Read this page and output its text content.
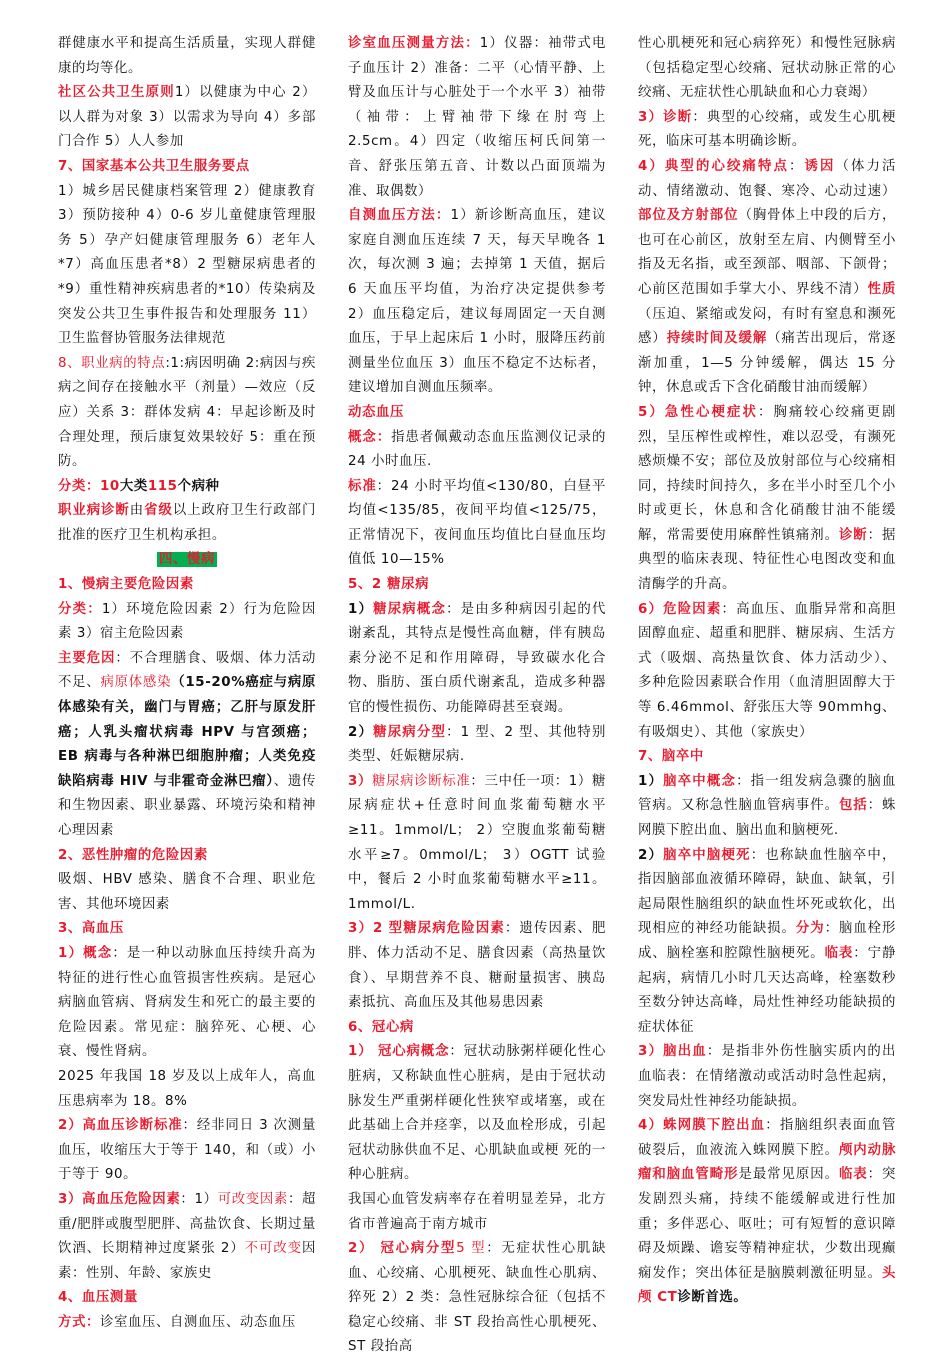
群健康水平和提高生活质量，实现人群健康的均等化。

社区公共卫生原则1）以健康为中心 2）以人群为对象 3）以需求为导向 4）多部门合作 5）人人参加

7、国家基本公共卫生服务要点

1）城乡居民健康档案管理 2）健康教育 3）预防接种 4）0-6 岁儿童健康管理服务 5）孕产妇健康管理服务 6）老年人*7）高血压患者*8）2 型糖尿病患者的*9）重性精神疾病患者的*10）传染病及突发公共卫生事件报告和处理服务 11）卫生监督协管服务法律规范

8、职业病的特点:1:病因明确 2:病因与疾病之间存在接触水平（剂量）—效应（反应）关系 3：群体发病 4：早起诊断及时合理处理，预后康复效果较好 5：重在预防。

分类：10大类115个病种

职业病诊断由省级以上政府卫生行政部门批准的医疗卫生机构承担。

四、慢病

1、慢病主要危险因素

分类：1）环境危险因素 2）行为危险因素 3）宿主危险因素

主要危因：不合理膳食、吸烟、体力活动不足、病原体感染（15-20%癌症与病原体感染有关，幽门与胃癌；乙肝与原发肝癌；人乳头瘤状病毒 HPV 与宫颈癌；EB 病毒与各种淋巴细胞肿瘤；人类免疫缺陷病毒 HIV 与非霍奇金淋巴瘤）、遗传和生物因素、职业暴露、环境污染和精神心理因素

2、恶性肿瘤的危险因素

吸烟、HBV 感染、膳食不合理、职业危害、其他环境因素

3、高血压

1）概念：是一种以动脉血压持续升高为特征的进行性心血管损害性疾病。是冠心病脑血管病、肾病发生和死亡的最主要的危险因素。常见症：脑猝死、心梗、心衰、慢性肾病。

2025 年我国 18 岁及以上成年人，高血压患病率为 18。8%

2）高血压诊断标准：经非同日 3 次测量血压，收缩压大于等于 140，和（或）小于等于 90。

3）高血压危险因素：1）可改变因素：超重/肥胖或腹型肥胖、高盐饮食、长期过量饮酒、长期精神过度紧张 2）不可改变因素：性别、年龄、家族史

4、血压测量

方式：诊室血压、自测血压、动态血压

诊室血压测量方法：1）仪器：袖带式电子血压计 2）准备：二平（心情平静、上臂及血压计与心脏处于一个水平 3）袖带（袖带：上臂袖带下缘在肘弯上 2.5cm。4）四定（收缩压柯氏间第一音、舒张压第五音、计数以凸面顶端为准、取偶数）

自测血压方法：1）新诊断高血压，建议家庭自测血压连续 7 天，每天早晚各 1 次，每次测 3 遍；去掉第 1 天值，据后 6 天血压平均值，为治疗决定提供参考 2）血压稳定后，建议每周固定一天自测血压，于早上起床后 1 小时，服降压药前测量坐位血压 3）血压不稳定不达标者，建议增加自测血压频率。

动态血压

概念：指患者佩戴动态血压监测仪记录的 24 小时血压.

标准：24 小时平均值<130/80，白昼平均值<135/85，夜间平均值<125/75，正常情况下，夜间血压均值比白昼血压均值低 10—15%

5、2 糖尿病

1）糖尿病概念：是由多种病因引起的代谢紊乱，其特点是慢性高血糖，伴有胰岛素分泌不足和作用障碍，导致碳水化合物、脂肪、蛋白质代谢紊乱，造成多种器官的慢性损伤、功能障碍甚至衰竭。

2）糖尿病分型：1 型、2 型、其他特别类型、妊娠糖尿病.

3）糖尿病诊断标准：三中任一项：1）糖尿病症状+任意时间血浆葡萄糖水平≥11。1mmol/L； 2）空腹血浆葡萄糖水平≥7。0mmol/L； 3）OGTT 试验中，餐后 2 小时血浆葡萄糖水平≥11。1mmol/L.

3）2 型糖尿病危险因素：遗传因素、肥胖、体力活动不足、膳食因素（高热量饮食）、早期营养不良、糖耐量损害、胰岛素抵抗、高血压及其他易患因素

6、冠心病

1） 冠心病概念：冠状动脉粥样硬化性心脏病，又称缺血性心脏病，是由于冠状动脉发生严重粥样硬化性狭窄或堵塞，或在此基础上合并痉挛，以及血栓形成，引起冠状动脉供血不足、心肌缺血或梗 死的一种心脏病。

我国心血管发病率存在着明显差异，北方省市普遍高于南方城市

2） 冠心病分型5 型：无症状性心肌缺血、心绞痛、心肌梗死、缺血性心肌病、猝死 2）2 类：急性冠脉综合征（包括不稳定心绞痛、非 ST 段抬高性心肌梗死、ST 段抬高

性心肌梗死和冠心病猝死）和慢性冠脉病（包括稳定型心绞痛、冠状动脉正常的心绞痛、无症状性心肌缺血和心力衰竭）

3）诊断：典型的心绞痛，或发生心肌梗死，临床可基本明确诊断。

4）典型的心绞痛特点：诱因（体力活动、情绪激动、饱餐、寒冷、心动过速）部位及方射部位（胸骨体上中段的后方，也可在心前区，放射至左肩、内侧臂至小指及无名指，或至颈部、咽部、下颌骨；心前区范围如手掌大小、界线不清）性质（压迫、紧缩或发闷，有时有窒息和濒死感）持续时间及缓解（痛苦出现后，常逐渐加重，1—5 分钟缓解，偶达 15 分钟，休息或舌下含化硝酸甘油而缓解）

5）急性心梗症状：胸痛较心绞痛更剧烈，呈压榨性或榨性，难以忍受，有濒死感烦燥不安；部位及放射部位与心绞痛相同，持续时间持久，多在半小时至几个小时或更长，休息和含化硝酸甘油不能缓解，常需要使用麻醉性镇痛剂。诊断：据典型的临床表现、特征性心电图改变和血清酶学的升高。

6）危险因素：高血压、血脂异常和高胆固醇血症、超重和肥胖、糖尿病、生活方式（吸烟、高热量饮食、体力活动少）、多种危险因素联合作用（血清胆固醇大于等 6.46mmol、舒张压大等 90mmhg、有吸烟史）、其他（家族史）

7、脑卒中

1）脑卒中概念：指一组发病急骤的脑血管病。又称急性脑血管病事件。包括：蛛网膜下腔出血、脑出血和脑梗死.

2）脑卒中脑梗死：也称缺血性脑卒中，指因脑部血液循环障碍，缺血、缺氧，引起局限性脑组织的缺血性坏死或软化，出现相应的神经功能缺损。分为：脑血栓形成、脑栓塞和腔隙性脑梗死。临表：宁静起病，病情几小时几天达高峰，栓塞数秒至数分钟达高峰，局灶性神经功能缺损的症状体征

3）脑出血：是指非外伤性脑实质内的出血临表：在情绪激动或活动时急性起病，突发局灶性神经功能缺损。

4）蛛网膜下腔出血：指脑组织表面血管破裂后，血液流入蛛网膜下腔。颅内动脉瘤和脑血管畸形是最常见原因。临表：突发剧烈头痛，持续不能缓解或进行性加重；多伴恶心、呕吐；可有短暂的意识障碍及烦躁、谵妄等精神症状，少数出现癫痫发作；突出体征是脑膜刺激征明显。头颅 CT诊断首选。
